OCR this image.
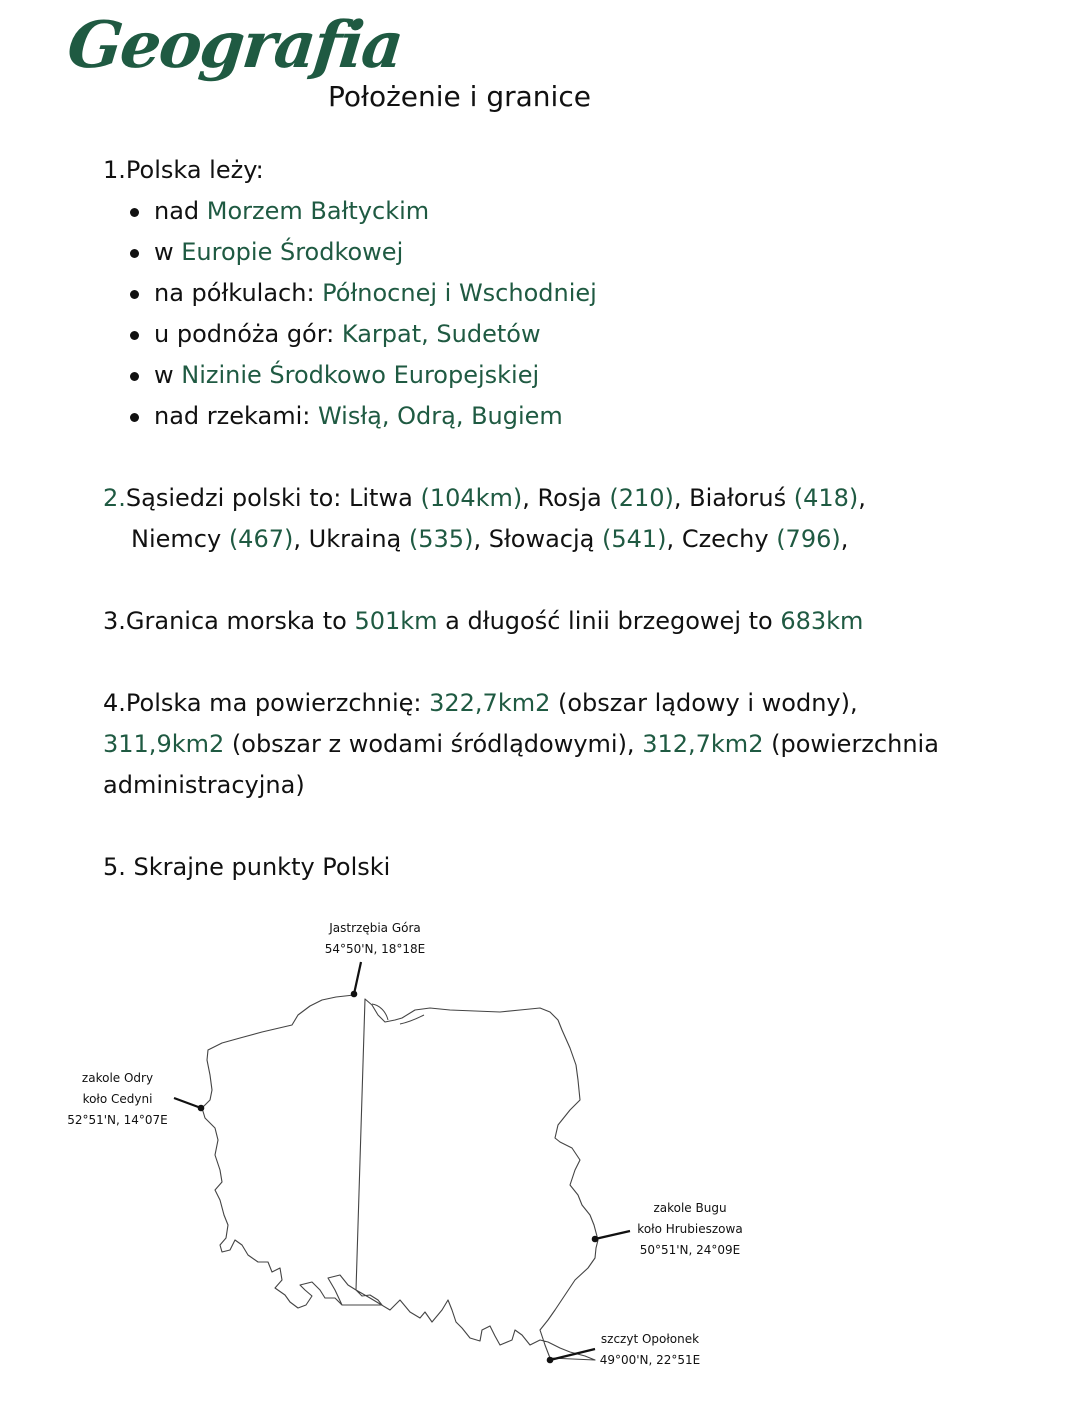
Geografia
Położenie i granice
1.Polska leży:
nad Morzem Bałtyckim
w Europie Środkowej
na półkulach: Północnej i Wschodniej
u podnóża gór: Karpat, Sudetów
w Nizinie Środkowo Europejskiej
nad rzekami: Wisłą, Odrą, Bugiem
2.Sąsiedzi polski to: Litwa (104km), Rosja (210), Białoruś (418),
Niemcy (467), Ukrainą (535), Słowacją (541), Czechy (796),
3.Granica morska to 501km a długość linii brzegowej to 683km
4.Polska ma powierzchnię: 322,7km2 (obszar lądowy i wodny),
311,9km2 (obszar z wodami śródlądowymi), 312,7km2 (powierzchnia administracyjna)
5. Skrajne punkty Polski
Jastrzębia Góra
54°50'N, 18°18E
zakole Odry
koło Cedyni
52°51'N, 14°07E
zakole Bugu
koło Hrubieszowa
50°51'N, 24°09E
szczyt Opołonek
49°00'N, 22°51E
